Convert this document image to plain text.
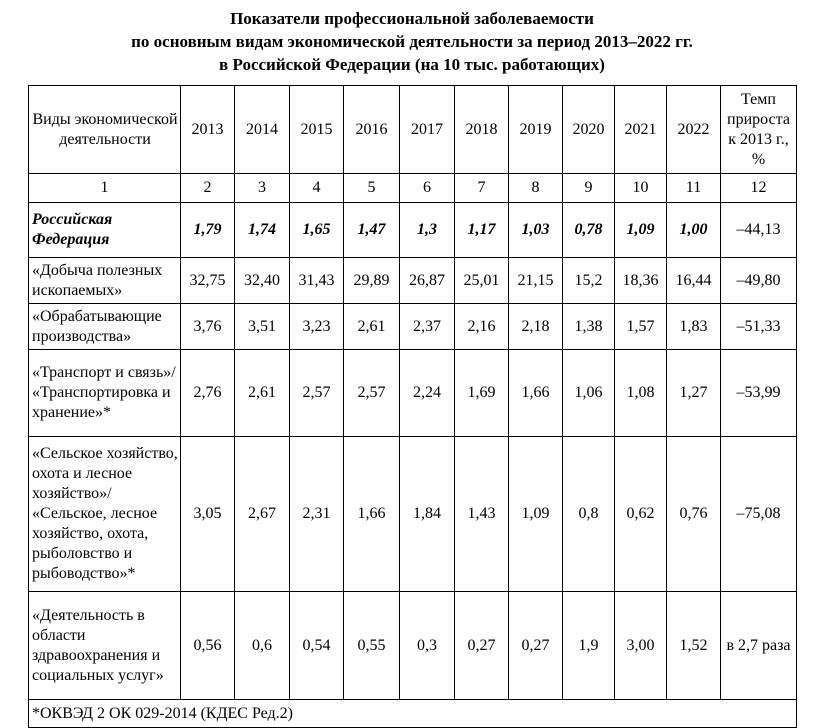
Показатели профессиональной заболеваемости
по основным видам экономической деятельности за период 2013–2022 гг.
в Российской Федерации (на 10 тыс. работающих)
Виды экономической деятельности	2013	2014	2015	2016	2017	2018	2019	2020	2021	2022	Темп прироста к 2013 г., %
1	2	3	4	5	6	7	8	9	10	11	12
Российская Федерация	1,79	1,74	1,65	1,47	1,3	1,17	1,03	0,78	1,09	1,00	–44,13
«Добыча полезных ископаемых»	32,75	32,40	31,43	29,89	26,87	25,01	21,15	15,2	18,36	16,44	–49,80
«Обрабатывающие производства»	3,76	3,51	3,23	2,61	2,37	2,16	2,18	1,38	1,57	1,83	–51,33
«Транспорт и связь»/ «Транспортировка и хранение»*	2,76	2,61	2,57	2,57	2,24	1,69	1,66	1,06	1,08	1,27	–53,99
«Сельское хозяйство, охота и лесное хозяйство»/ «Сельское, лесное хозяйство, охота, рыболовство и рыбоводство»*	3,05	2,67	2,31	1,66	1,84	1,43	1,09	0,8	0,62	0,76	–75,08
«Деятельность в области здравоохранения и социальных услуг»	0,56	0,6	0,54	0,55	0,3	0,27	0,27	1,9	3,00	1,52	в 2,7 раза
*ОКВЭД 2 ОК 029-2014 (КДЕС Ред.2)											
